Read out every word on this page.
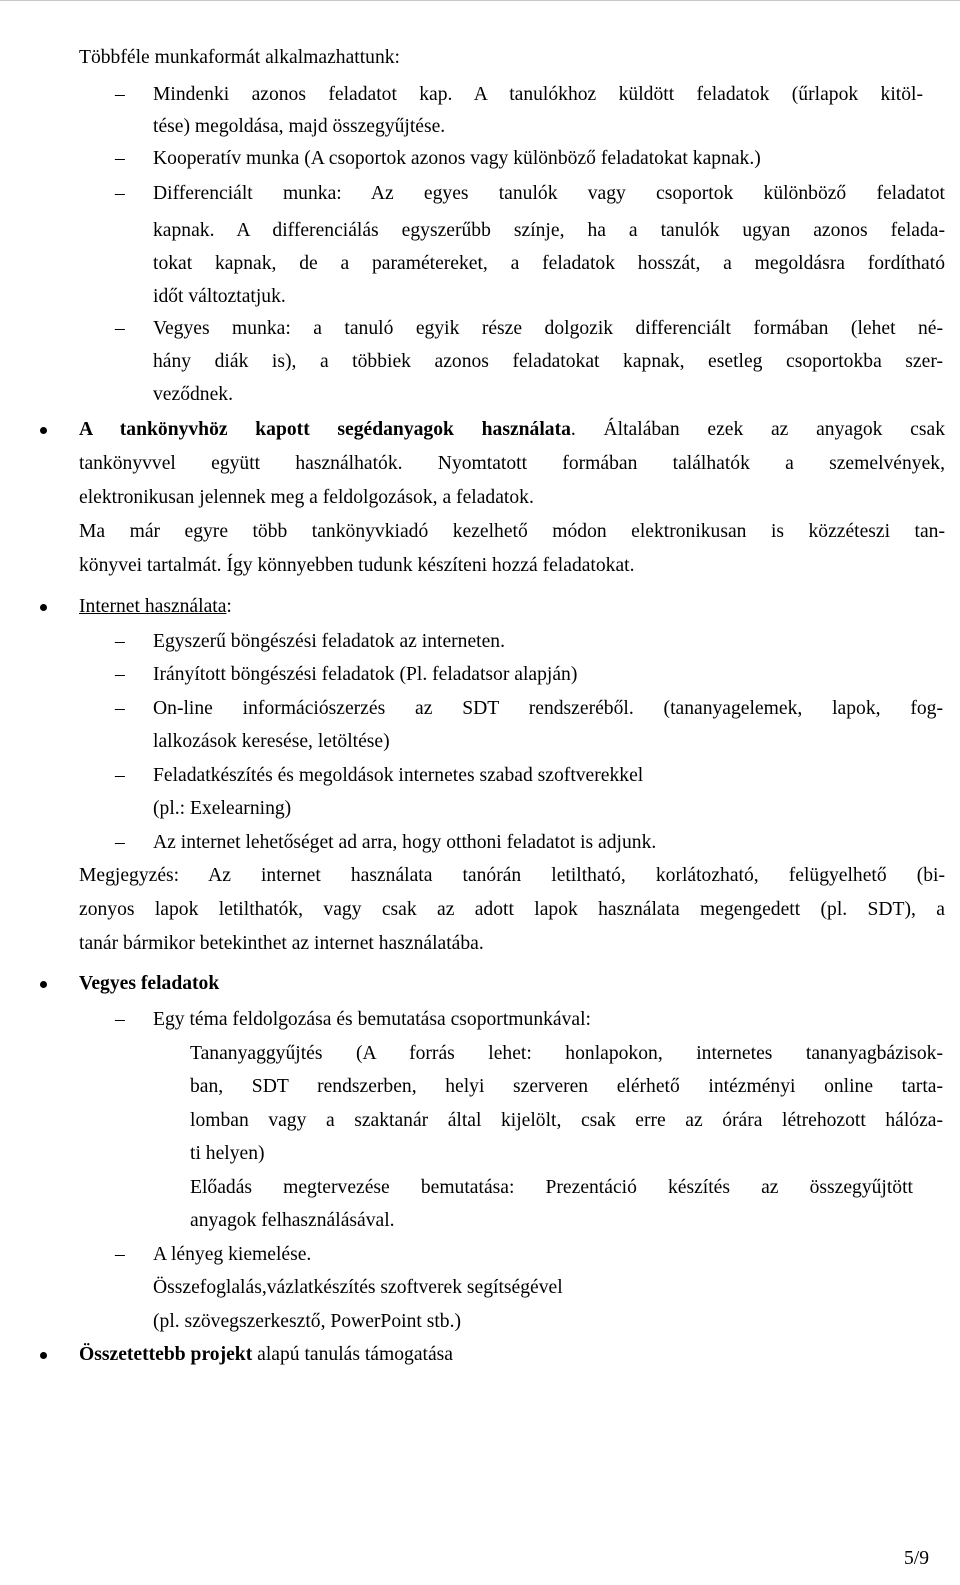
Többféle munkaformát alkalmazhattunk:
– Mindenki azonos feladatot kap. A tanulókhoz küldött feladatok (űrlapok kitöl-
tése) megoldása, majd összegyűjtése.
– Kooperatív munka (A csoportok azonos vagy különböző feladatokat kapnak.)
– Differenciált munka: Az egyes tanulók vagy csoportok különböző feladatot
kapnak. A differenciálás egyszerűbb színje, ha a tanulók ugyan azonos felada-
tokat kapnak, de a paramétereket, a feladatok hosszát, a megoldásra fordítható
időt változtatjuk.
– Vegyes munka: a tanuló egyik része dolgozik differenciált formában (lehet né-
hány diák is), a többiek azonos feladatokat kapnak, esetleg csoportokba szer-
veződnek.
A tankönyvhöz kapott segédanyagok használata. Általában ezek az anyagok csak
tankönyvvel együtt használhatók. Nyomtatott formában találhatók a szemelvények,
elektronikusan jelennek meg a feldolgozások, a feladatok.
Ma már egyre több tankönyvkiadó kezelhető módon elektronikusan is közzéteszi tan-
könyvei tartalmát. Így könnyebben tudunk készíteni hozzá feladatokat.
Internet használata:
– Egyszerű böngészési feladatok az interneten.
– Irányított böngészési feladatok (Pl. feladatsor alapján)
– On-line információszerzés az SDT rendszeréből. (tananyagelemek, lapok, fog-
lalkozások keresése, letöltése)
– Feladatkészítés és megoldások internetes szabad szoftverekkel
(pl.: Exelearning)
– Az internet lehetőséget ad arra, hogy otthoni feladatot is adjunk.
Megjegyzés: Az internet használata tanórán letiltható, korlátozható, felügyelhető (bi-
zonyos lapok letilthatók, vagy csak az adott lapok használata megengedett (pl. SDT), a
tanár bármikor betekinthet az internet használatába.
Vegyes feladatok
– Egy téma feldolgozása és bemutatása csoportmunkával:
Tananyaggyűjtés (A forrás lehet: honlapokon, internetes tananyagbázisok-
ban, SDT rendszerben, helyi szerveren elérhető intézményi online tarta-
lomban vagy a szaktanár által kijelölt, csak erre az órára létrehozott hálóza-
ti helyen)
Előadás megtervezése bemutatása: Prezentáció készítés az összegyűjtött
anyagok felhasználásával.
– A lényeg kiemelése.
Összefoglalás,vázlatkészítés szoftverek segítségével
(pl. szövegszerkesztő, PowerPoint stb.)
Összetettebb projekt alapú tanulás támogatása
5/9
